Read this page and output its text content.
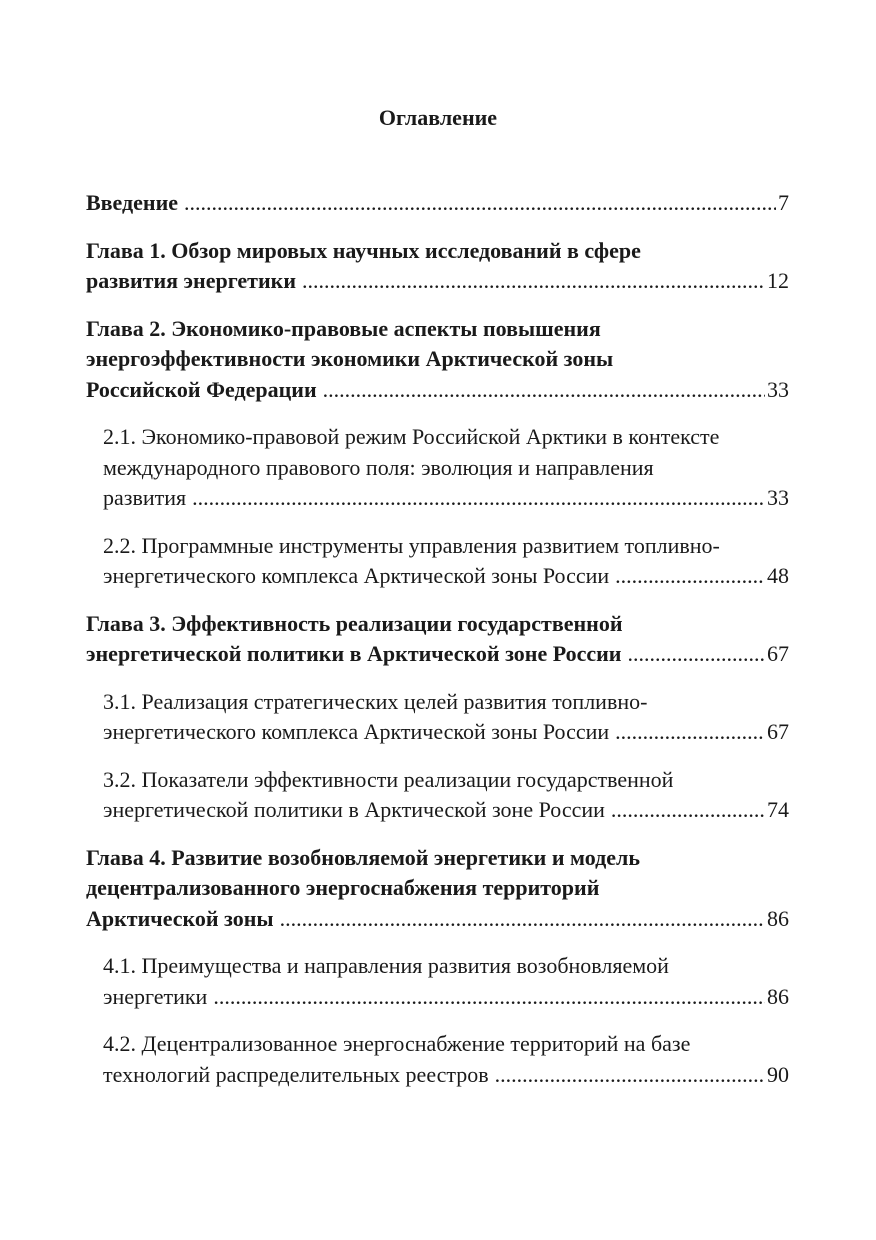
Оглавление
Введение .....	7
Глава 1. Обзор мировых научных исследований в сфере
развития энергетики .....	12
Глава 2. Экономико-правовые аспекты повышения
энергоэффективности экономики Арктической зоны
Российской Федерации .....	33
2.1. Экономико-правовой режим Российской Арктики в контексте
международного правового поля: эволюция и направления
развития .....	33
2.2. Программные инструменты управления развитием топливно-
энергетического комплекса Арктической зоны России .....	48
Глава 3. Эффективность реализации государственной
энергетической политики в Арктической зоне России .....	67
3.1. Реализация стратегических целей развития топливно-
энергетического комплекса Арктической зоны России .....	67
3.2. Показатели эффективности реализации государственной
энергетической политики в Арктической зоне России .....	74
Глава 4. Развитие возобновляемой энергетики и модель
децентрализованного энергоснабжения территорий
Арктической зоны .....	86
4.1. Преимущества и направления развития возобновляемой
энергетики .....	86
4.2. Децентрализованное энергоснабжение территорий на базе
технологий распределительных реестров .....	90
